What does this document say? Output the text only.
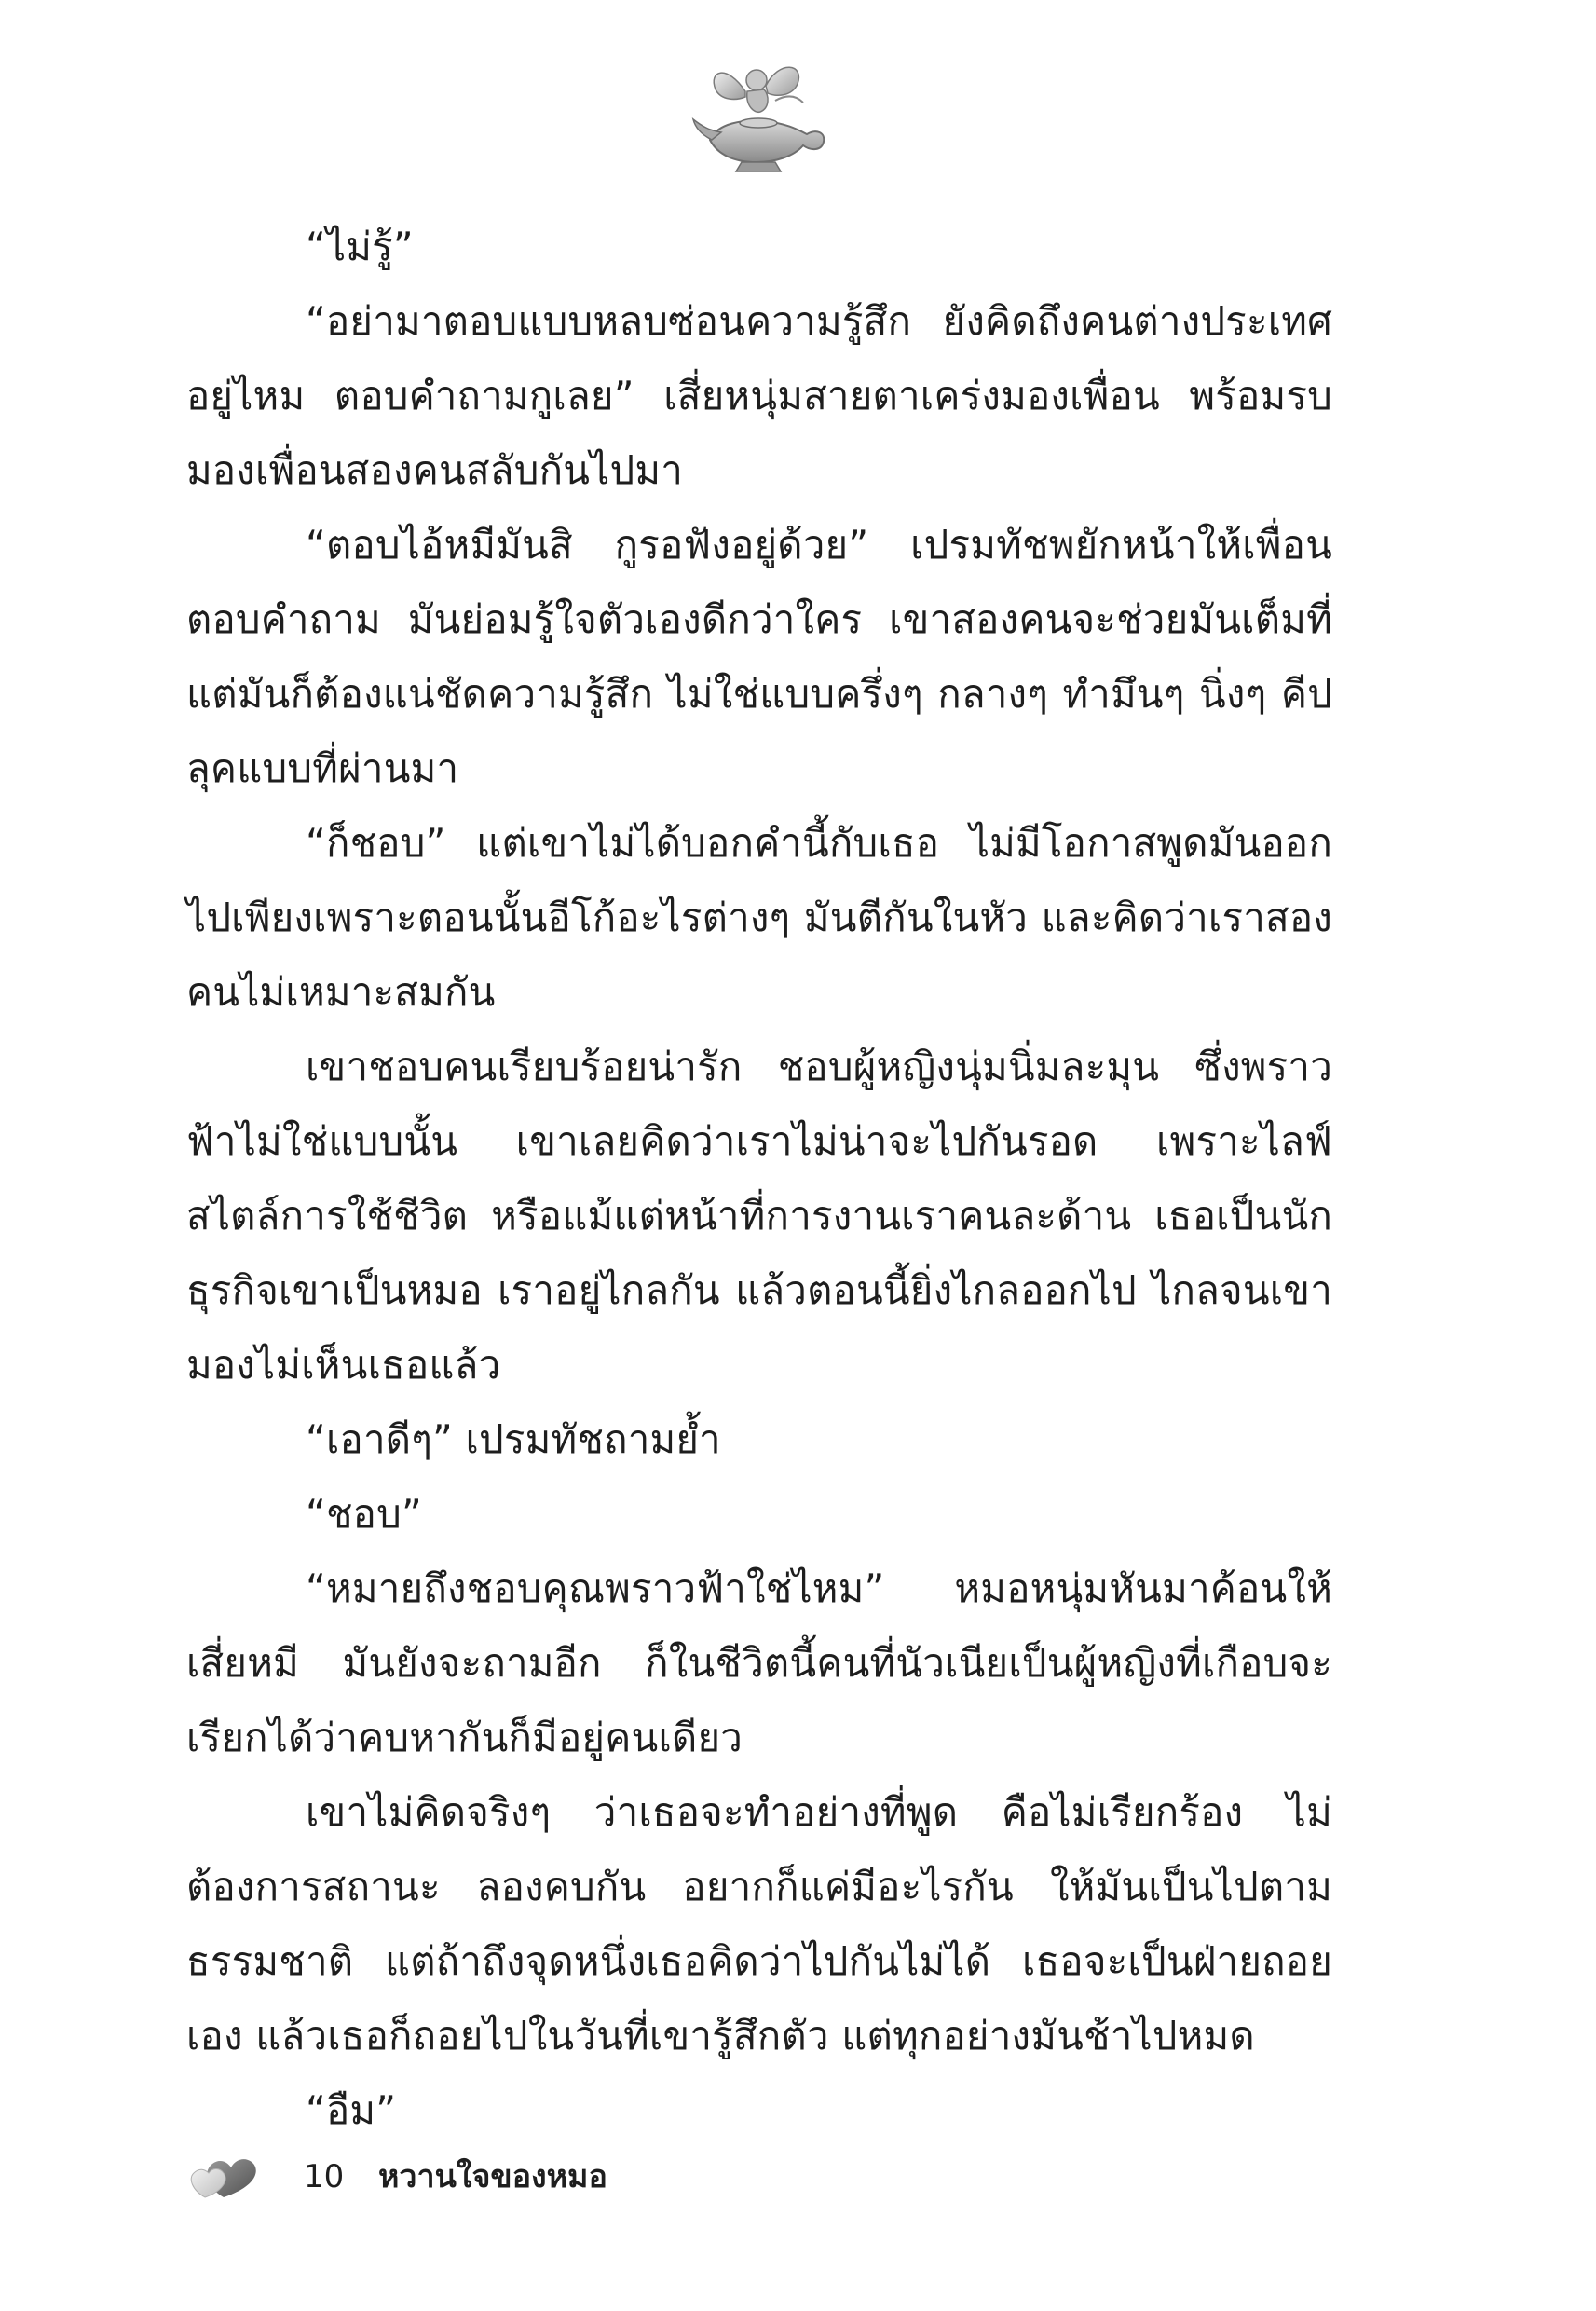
“ไม่รู้”

“อย่ามาตอบแบบหลบซ่อนความรู้สึก ยังคิดถึงคนต่างประเทศอยู่ไหม ตอบคำถามกูเลย” เสี่ยหนุ่มสายตาเคร่งมองเพื่อน พร้อมรบมองเพื่อนสองคนสลับกันไปมา

“ตอบไอ้หมีมันสิ กูรอฟังอยู่ด้วย” เปรมทัชพยักหน้าให้เพื่อนตอบคำถาม มันย่อมรู้ใจตัวเองดีกว่าใคร เขาสองคนจะช่วยมันเต็มที่แต่มันก็ต้องแน่ชัดความรู้สึก ไม่ใช่แบบครึ่งๆ กลางๆ ทำมึนๆ นิ่งๆ คีปลุคแบบที่ผ่านมา

“ก็ชอบ” แต่เขาไม่ได้บอกคำนี้กับเธอ ไม่มีโอกาสพูดมันออกไปเพียงเพราะตอนนั้นอีโก้อะไรต่างๆ มันตีกันในหัว และคิดว่าเราสองคนไม่เหมาะสมกัน

เขาชอบคนเรียบร้อยน่ารัก ชอบผู้หญิงนุ่มนิ่มละมุน ซึ่งพราวฟ้าไม่ใช่แบบนั้น เขาเลยคิดว่าเราไม่น่าจะไปกันรอด เพราะไลฟ์สไตล์การใช้ชีวิต หรือแม้แต่หน้าที่การงานเราคนละด้าน เธอเป็นนักธุรกิจเขาเป็นหมอ เราอยู่ไกลกัน แล้วตอนนี้ยิ่งไกลออกไป ไกลจนเขามองไม่เห็นเธอแล้ว

“เอาดีๆ” เปรมทัชถามย้ำ

“ชอบ”

“หมายถึงชอบคุณพราวฟ้าใช่ไหม” หมอหนุ่มหันมาค้อนให้เสี่ยหมี มันยังจะถามอีก ก็ในชีวิตนี้คนที่นัวเนียเป็นผู้หญิงที่เกือบจะเรียกได้ว่าคบหากันก็มีอยู่คนเดียว

เขาไม่คิดจริงๆ ว่าเธอจะทำอย่างที่พูด คือไม่เรียกร้อง ไม่ต้องการสถานะ ลองคบกัน อยากก็แค่มีอะไรกัน ให้มันเป็นไปตามธรรมชาติ แต่ถ้าถึงจุดหนึ่งเธอคิดว่าไปกันไม่ได้ เธอจะเป็นฝ่ายถอยเอง แล้วเธอก็ถอยไปในวันที่เขารู้สึกตัว แต่ทุกอย่างมันช้าไปหมด

“อืม”

10 หวานใจของหมอ
